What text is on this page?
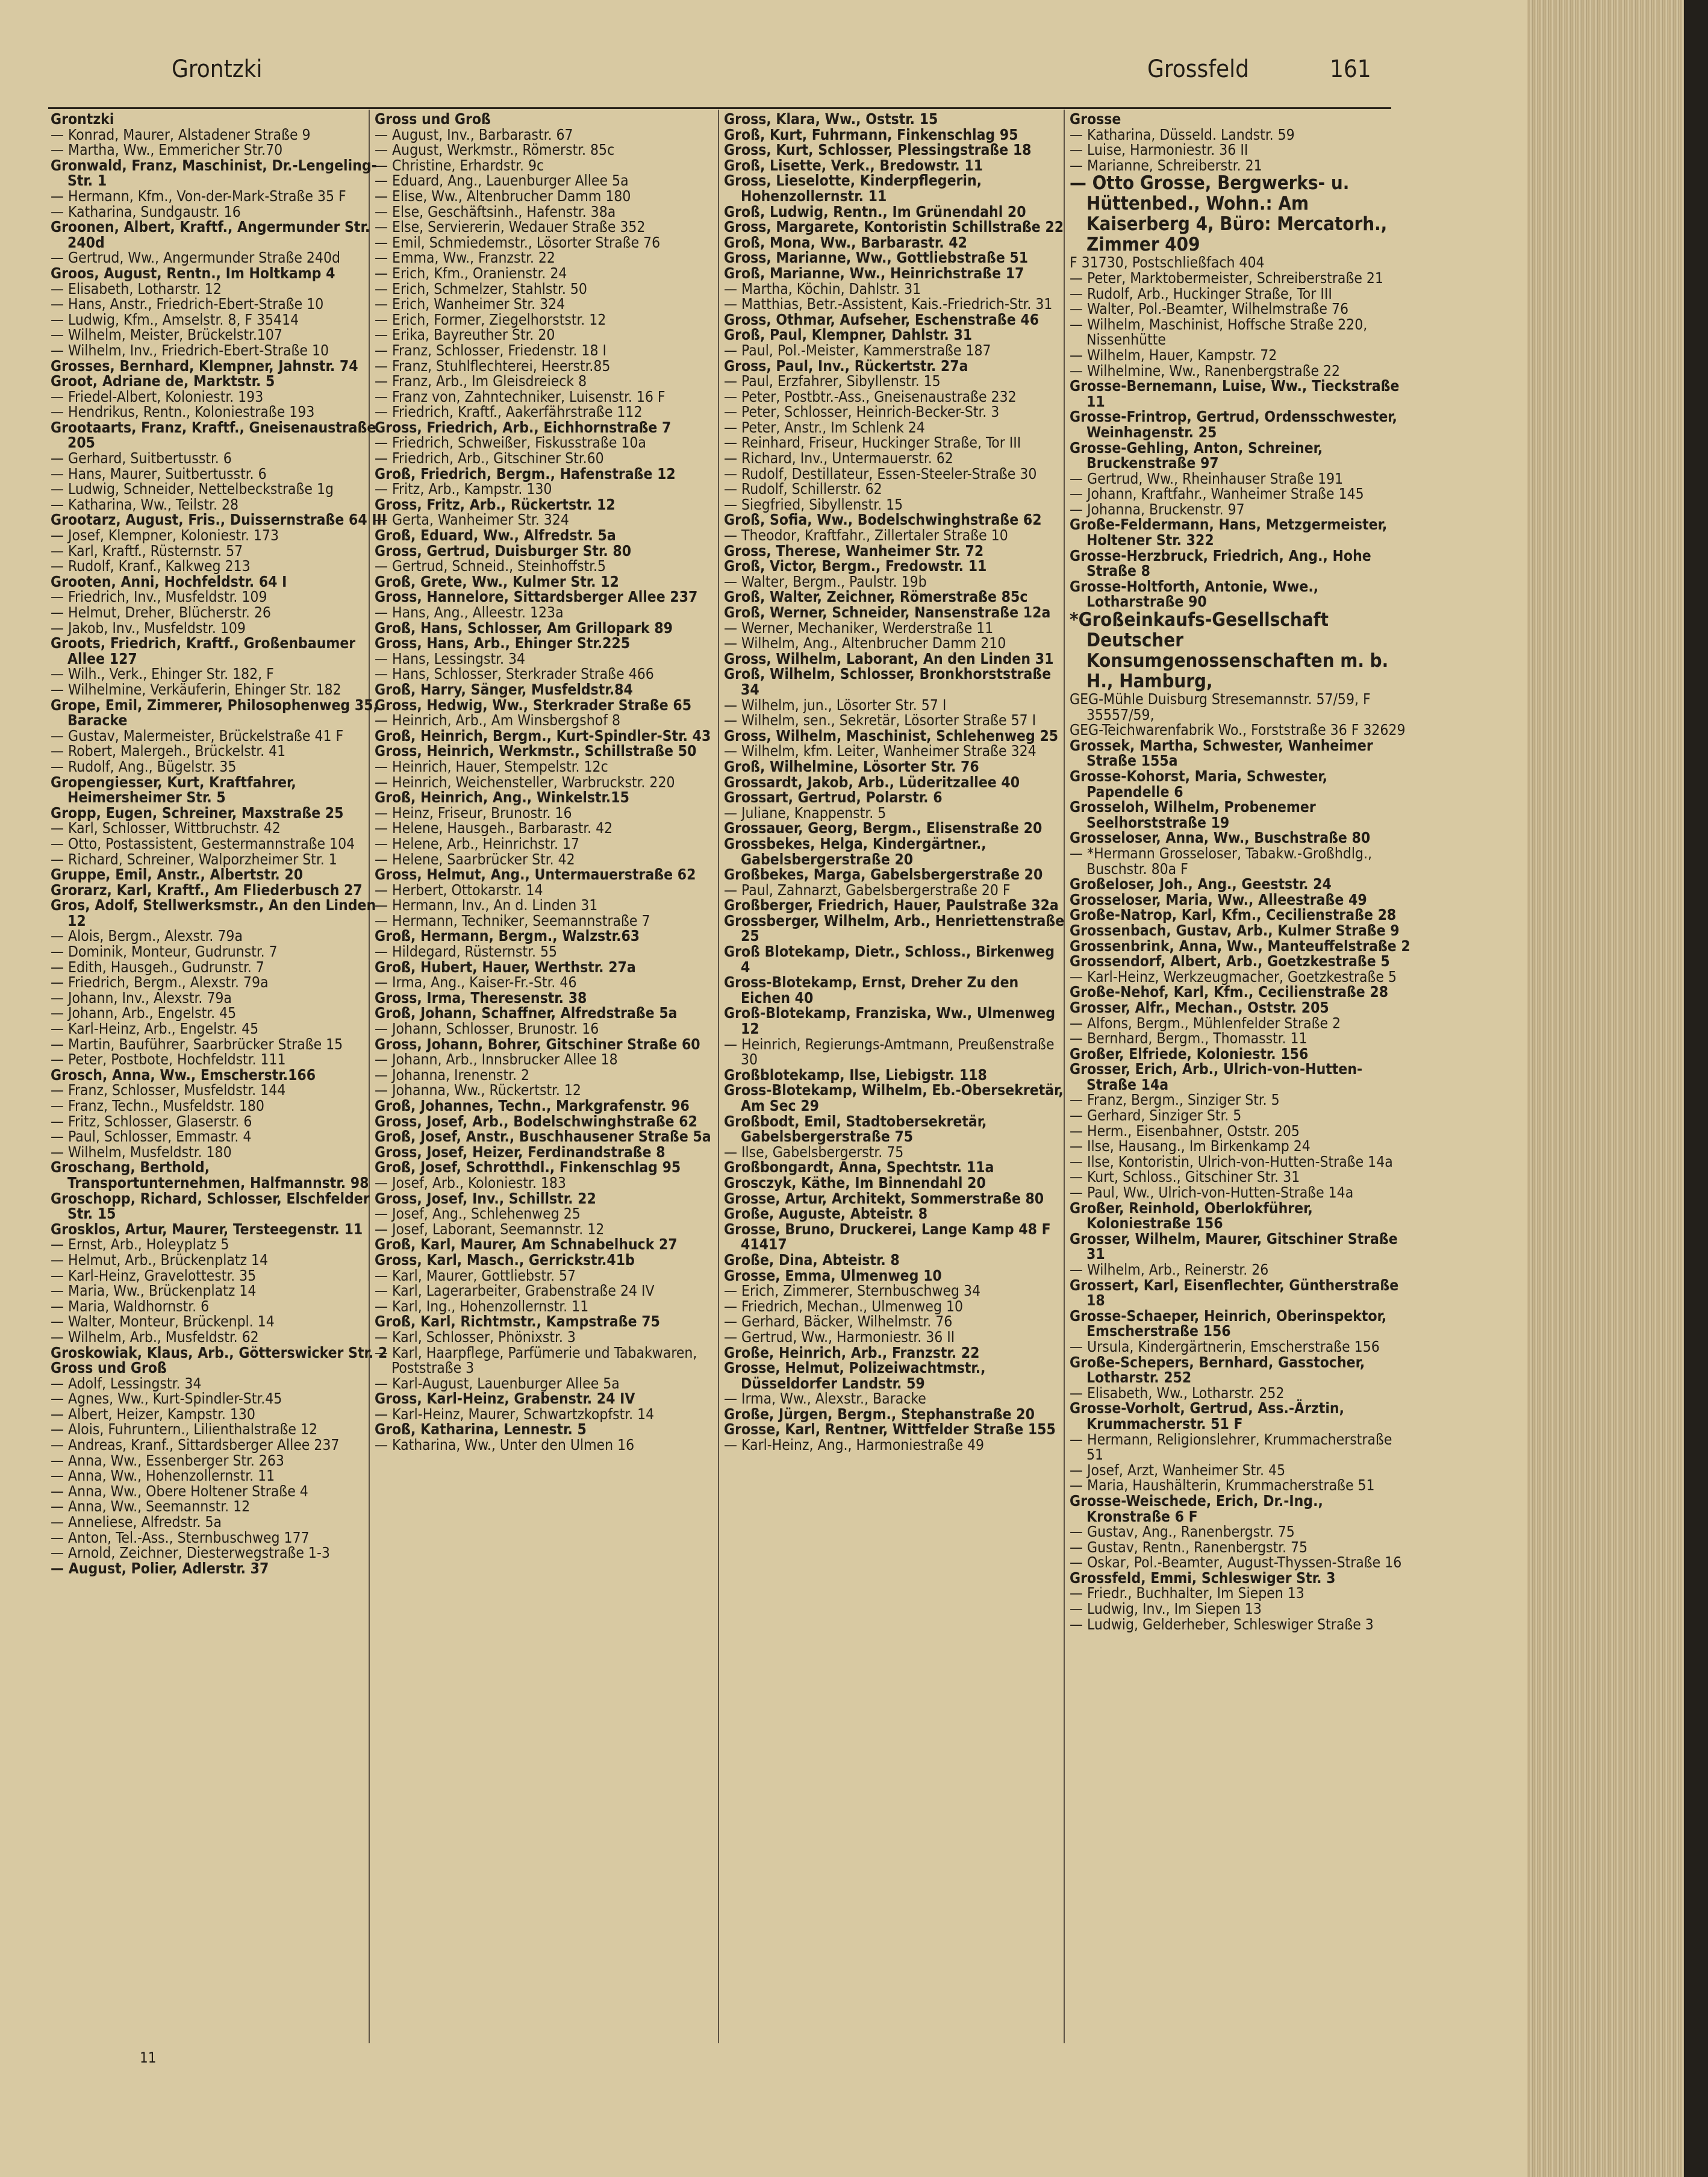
Grontzki	Grossfeld	161
Grontzki
— Konrad, Maurer, Alstadener Straße 9
— Martha, Ww., Emmericher Str.70
Gronwald, Franz, Maschinist, Dr.-Lengeling-Str. 1
— Hermann, Kfm., Von-der-Mark-Straße 35 F
— Katharina, Sundgaustr. 16
Groonen, Albert, Kraftf., Angermunder Str. 240d
— Gertrud, Ww., Angermunder Straße 240d
Groos, August, Rentn., Im Holtkamp 4
— Elisabeth, Lotharstr. 12
— Hans, Anstr., Friedrich-Ebert-Straße 10
— Ludwig, Kfm., Amselstr. 8, F 35414
— Wilhelm, Meister, Brückelstr.107
— Wilhelm, Inv., Friedrich-Ebert-Straße 10
Grosses, Bernhard, Klempner, Jahnstr. 74
Groot, Adriane de, Marktstr. 5
— Friedel-Albert, Koloniestr. 193
— Hendrikus, Rentn., Koloniestraße 193
Grootaarts, Franz, Kraftf., Gneisenaustraße 205
— Gerhard, Suitbertusstr. 6
— Hans, Maurer, Suitbertusstr. 6
— Ludwig, Schneider, Nettelbeckstraße 1g
— Katharina, Ww., Teilstr. 28
Grootarz, August, Fris., Duissernstraße 64 III
— Josef, Klempner, Koloniestr. 173
— Karl, Kraftf., Rüsternstr. 57
— Rudolf, Kranf., Kalkweg 213
Grooten, Anni, Hochfeldstr. 64 I
— Friedrich, Inv., Musfeldstr. 109
— Helmut, Dreher, Blücherstr. 26
— Jakob, Inv., Musfeldstr. 109
Groots, Friedrich, Kraftf., Großenbaumer Allee 127
— Wilh., Verk., Ehinger Str. 182, F
— Wilhelmine, Verkäuferin, Ehinger Str. 182
Grope, Emil, Zimmerer, Philosophenweg 35, Baracke
— Gustav, Malermeister, Brückelstraße 41 F
— Robert, Malergeh., Brückelstr. 41
— Rudolf, Ang., Bügelstr. 35
Gropengiesser, Kurt, Kraftfahrer, Heimersheimer Str. 5
Gropp, Eugen, Schreiner, Maxstraße 25
— Karl, Schlosser, Wittbruchstr. 42
— Otto, Postassistent, Gestermannstraße 104
— Richard, Schreiner, Walporzheimer Str. 1
Gruppe, Emil, Anstr., Albertstr. 20
Grorarz, Karl, Kraftf., Am Fliederbusch 27
Gros, Adolf, Stellwerksmstr., An den Linden 12
— Alois, Bergm., Alexstr. 79a
— Dominik, Monteur, Gudrunstr. 7
— Edith, Hausgeh., Gudrunstr. 7
— Friedrich, Bergm., Alexstr. 79a
— Johann, Inv., Alexstr. 79a
— Johann, Arb., Engelstr. 45
— Karl-Heinz, Arb., Engelstr. 45
— Martin, Bauführer, Saarbrücker Straße 15
— Peter, Postbote, Hochfeldstr. 111
Grosch, Anna, Ww., Emscherstr.166
— Franz, Schlosser, Musfeldstr. 144
— Franz, Techn., Musfeldstr. 180
— Fritz, Schlosser, Glaserstr. 6
— Paul, Schlosser, Emmastr. 4
— Wilhelm, Musfeldstr. 180
Groschang, Berthold, Transportunternehmen, Halfmannstr. 98
Groschopp, Richard, Schlosser, Elschfelder Str. 15
Grosklos, Artur, Maurer, Tersteegenstr. 11
— Ernst, Arb., Holeyplatz 5
— Helmut, Arb., Brückenplatz 14
— Karl-Heinz, Gravelottestr. 35
— Maria, Ww., Brückenplatz 14
— Maria, Waldhornstr. 6
— Walter, Monteur, Brückenpl. 14
— Wilhelm, Arb., Musfeldstr. 62
Groskowiak, Klaus, Arb., Götterswicker Str. 2
Gross und Groß
— Adolf, Lessingstr. 34
— Agnes, Ww., Kurt-Spindler-Str.45
— Albert, Heizer, Kampstr. 130
— Alois, Fuhruntern., Lilienthalstraße 12
— Andreas, Kranf., Sittardsberger Allee 237
— Anna, Ww., Essenberger Str. 263
— Anna, Ww., Hohenzollernstr. 11
— Anna, Ww., Obere Holtener Straße 4
— Anna, Ww., Seemannstr. 12
— Anneliese, Alfredstr. 5a
— Anton, Tel.-Ass., Sternbuschweg 177
— Arnold, Zeichner, Diesterwegstraße 1-3
— August, Polier, Adlerstr. 37
Gross und Groß
— August, Inv., Barbarastr. 67
— August, Werkmstr., Römerstr. 85c
— Christine, Erhardstr. 9c
— Eduard, Ang., Lauenburger Allee 5a
— Elise, Ww., Altenbrucher Damm 180
— Else, Geschäftsinh., Hafenstr. 38a
— Else, Serviererin, Wedauer Straße 352
— Emil, Schmiedemstr., Lösorter Straße 76
— Emma, Ww., Franzstr. 22
— Erich, Kfm., Oranienstr. 24
— Erich, Schmelzer, Stahlstr. 50
— Erich, Wanheimer Str. 324
— Erich, Former, Ziegelhorststr. 12
— Erika, Bayreuther Str. 20
— Franz, Schlosser, Friedenstr. 18 I
— Franz, Stuhlflechterei, Heerstr.85
— Franz, Arb., Im Gleisdreieck 8
— Franz von, Zahntechniker, Luisenstr. 16 F
— Friedrich, Kraftf., Aakerfährstraße 112
Gross, Friedrich, Arb., Eichhornstraße 7
— Friedrich, Schweißer, Fiskusstraße 10a
— Friedrich, Arb., Gitschiner Str.60
Groß, Friedrich, Bergm., Hafenstraße 12
— Fritz, Arb., Kampstr. 130
Gross, Fritz, Arb., Rückertstr. 12
— Gerta, Wanheimer Str. 324
Groß, Eduard, Ww., Alfredstr. 5a
Gross, Gertrud, Duisburger Str. 80
— Gertrud, Schneid., Steinhoffstr.5
Groß, Grete, Ww., Kulmer Str. 12
Gross, Hannelore, Sittardsberger Allee 237
— Hans, Ang., Alleestr. 123a
Groß, Hans, Schlosser, Am Grillopark 89
Gross, Hans, Arb., Ehinger Str.225
— Hans, Lessingstr. 34
— Hans, Schlosser, Sterkrader Straße 466
Groß, Harry, Sänger, Musfeldstr.84
Gross, Hedwig, Ww., Sterkrader Straße 65
— Heinrich, Arb., Am Winsbergshof 8
Groß, Heinrich, Bergm., Kurt-Spindler-Str. 43
Gross, Heinrich, Werkmstr., Schillstraße 50
— Heinrich, Hauer, Stempelstr. 12c
— Heinrich, Weichensteller, Warbruckstr. 220
Groß, Heinrich, Ang., Winkelstr.15
— Heinz, Friseur, Brunostr. 16
— Helene, Hausgeh., Barbarastr. 42
— Helene, Arb., Heinrichstr. 17
— Helene, Saarbrücker Str. 42
Gross, Helmut, Ang., Untermauerstraße 62
— Herbert, Ottokarstr. 14
— Hermann, Inv., An d. Linden 31
— Hermann, Techniker, Seemannstraße 7
Groß, Hermann, Bergm., Walzstr.63
— Hildegard, Rüsternstr. 55
Groß, Hubert, Hauer, Werthstr. 27a
— Irma, Ang., Kaiser-Fr.-Str. 46
Gross, Irma, Theresenstr. 38
Groß, Johann, Schaffner, Alfredstraße 5a
— Johann, Schlosser, Brunostr. 16
Gross, Johann, Bohrer, Gitschiner Straße 60
— Johann, Arb., Innsbrucker Allee 18
— Johanna, Irenenstr. 2
— Johanna, Ww., Rückertstr. 12
Groß, Johannes, Techn., Markgrafenstr. 96
Gross, Josef, Arb., Bodelschwinghstraße 62
Groß, Josef, Anstr., Buschhausener Straße 5a
Gross, Josef, Heizer, Ferdinandstraße 8
Groß, Josef, Schrotthdl., Finkenschlag 95
— Josef, Arb., Koloniestr. 183
Gross, Josef, Inv., Schillstr. 22
— Josef, Ang., Schlehenweg 25
— Josef, Laborant, Seemannstr. 12
Groß, Karl, Maurer, Am Schnabelhuck 27
Gross, Karl, Masch., Gerrickstr.41b
— Karl, Maurer, Gottliebstr. 57
— Karl, Lagerarbeiter, Grabenstraße 24 IV
— Karl, Ing., Hohenzollernstr. 11
Groß, Karl, Richtmstr., Kampstraße 75
— Karl, Schlosser, Phönixstr. 3
— Karl, Haarpflege, Parfümerie und Tabakwaren, Poststraße 3
— Karl-August, Lauenburger Allee 5a
Gross, Karl-Heinz, Grabenstr. 24 IV
— Karl-Heinz, Maurer, Schwartzkopfstr. 14
Groß, Katharina, Lennestr. 5
— Katharina, Ww., Unter den Ulmen 16
Gross, Klara, Ww., Oststr. 15
Groß, Kurt, Fuhrmann, Finkenschlag 95
Gross, Kurt, Schlosser, Plessingstraße 18
Groß, Lisette, Verk., Bredowstr. 11
Gross, Lieselotte, Kinderpflegerin, Hohenzollernstr. 11
Groß, Ludwig, Rentn., Im Grünendahl 20
Gross, Margarete, Kontoristin Schillstraße 22
Groß, Mona, Ww., Barbarastr. 42
Gross, Marianne, Ww., Gottliebstraße 51
Groß, Marianne, Ww., Heinrichstraße 17
— Martha, Köchin, Dahlstr. 31
— Matthias, Betr.-Assistent, Kais.-Friedrich-Str. 31
Gross, Othmar, Aufseher, Eschenstraße 46
Groß, Paul, Klempner, Dahlstr. 31
— Paul, Pol.-Meister, Kammerstraße 187
Gross, Paul, Inv., Rückertstr. 27a
— Paul, Erzfahrer, Sibyllenstr. 15
— Peter, Postbtr.-Ass., Gneisenaustraße 232
— Peter, Schlosser, Heinrich-Becker-Str. 3
— Peter, Anstr., Im Schlenk 24
— Reinhard, Friseur, Huckinger Straße, Tor III
— Richard, Inv., Untermauerstr. 62
— Rudolf, Destillateur, Essen-Steeler-Straße 30
— Rudolf, Schillerstr. 62
— Siegfried, Sibyllenstr. 15
Groß, Sofia, Ww., Bodelschwinghstraße 62
— Theodor, Kraftfahr., Zillertaler Straße 10
Gross, Therese, Wanheimer Str. 72
Groß, Victor, Bergm., Fredowstr. 11
— Walter, Bergm., Paulstr. 19b
Groß, Walter, Zeichner, Römerstraße 85c
Groß, Werner, Schneider, Nansenstraße 12a
— Werner, Mechaniker, Werderstraße 11
— Wilhelm, Ang., Altenbrucher Damm 210
Gross, Wilhelm, Laborant, An den Linden 31
Groß, Wilhelm, Schlosser, Bronkhorststraße 34
— Wilhelm, jun., Lösorter Str. 57 I
— Wilhelm, sen., Sekretär, Lösorter Straße 57 I
Gross, Wilhelm, Maschinist, Schlehenweg 25
— Wilhelm, kfm. Leiter, Wanheimer Straße 324
Groß, Wilhelmine, Lösorter Str. 76
Grossardt, Jakob, Arb., Lüderitzallee 40
Grossart, Gertrud, Polarstr. 6
— Juliane, Knappenstr. 5
Grossauer, Georg, Bergm., Elisenstraße 20
Grossbekes, Helga, Kindergärtner., Gabelsbergerstraße 20
Großbekes, Marga, Gabelsbergerstraße 20
— Paul, Zahnarzt, Gabelsbergerstraße 20 F
Großberger, Friedrich, Hauer, Paulstraße 32a
Grossberger, Wilhelm, Arb., Henriettenstraße 25
Groß Blotekamp, Dietr., Schloss., Birkenweg 4
Gross-Blotekamp, Ernst, Dreher Zu den Eichen 40
Groß-Blotekamp, Franziska, Ww., Ulmenweg 12
— Heinrich, Regierungs-Amtmann, Preußenstraße 30
Großblotekamp, Ilse, Liebigstr. 118
Gross-Blotekamp, Wilhelm, Eb.-Obersekretär, Am Sec 29
Großbodt, Emil, Stadtobersekretär, Gabelsbergerstraße 75
— Ilse, Gabelsbergerstr. 75
Großbongardt, Anna, Spechtstr. 11a
Grosczyk, Käthe, Im Binnendahl 20
Grosse, Artur, Architekt, Sommerstraße 80
Große, Auguste, Abteistr. 8
Grosse, Bruno, Druckerei, Lange Kamp 48 F 41417
Große, Dina, Abteistr. 8
Grosse, Emma, Ulmenweg 10
— Erich, Zimmerer, Sternbuschweg 34
— Friedrich, Mechan., Ulmenweg 10
— Gerhard, Bäcker, Wilhelmstr. 76
— Gertrud, Ww., Harmoniestr. 36 II
Große, Heinrich, Arb., Franzstr. 22
Grosse, Helmut, Polizeiwachtmstr., Düsseldorfer Landstr. 59
— Irma, Ww., Alexstr., Baracke
Große, Jürgen, Bergm., Stephanstraße 20
Grosse, Karl, Rentner, Wittfelder Straße 155
— Karl-Heinz, Ang., Harmoniestraße 49
Grosse
— Katharina, Düsseld. Landstr. 59
— Luise, Harmoniestr. 36 II
— Marianne, Schreiberstr. 21
— Otto Grosse, Bergwerks- u. Hüttenbed., Wohn.: Am Kaiserberg 4, Büro: Mercatorh., Zimmer 409
F 31730, Postschließfach 404
— Peter, Marktobermeister, Schreiberstraße 21
— Rudolf, Arb., Huckinger Straße, Tor III
— Walter, Pol.-Beamter, Wilhelmstraße 76
— Wilhelm, Maschinist, Hoffsche Straße 220, Nissenhütte
— Wilhelm, Hauer, Kampstr. 72
— Wilhelmine, Ww., Ranenbergstraße 22
Grosse-Bernemann, Luise, Ww., Tieckstraße 11
Grosse-Frintrop, Gertrud, Ordensschwester, Weinhagenstr. 25
Grosse-Gehling, Anton, Schreiner, Bruckenstraße 97
— Gertrud, Ww., Rheinhauser Straße 191
— Johann, Kraftfahr., Wanheimer Straße 145
— Johanna, Bruckenstr. 97
Große-Feldermann, Hans, Metzgermeister, Holtener Str. 322
Grosse-Herzbruck, Friedrich, Ang., Hohe Straße 8
Grosse-Holtforth, Antonie, Wwe., Lotharstraße 90
*Großeinkaufs-Gesellschaft Deutscher Konsumgenossenschaften m. b. H., Hamburg,
GEG-Mühle Duisburg Stresemannstr. 57/59, F 35557/59,
GEG-Teichwarenfabrik Wo., Forststraße 36 F 32629
Grossek, Martha, Schwester, Wanheimer Straße 155a
Grosse-Kohorst, Maria, Schwester, Papendelle 6
Grosseloh, Wilhelm, Probenemer Seelhorststraße 19
Grosseloser, Anna, Ww., Buschstraße 80
— *Hermann Grosseloser, Tabakw.-Großhdlg., Buschstr. 80a F
Großeloser, Joh., Ang., Geeststr. 24
Grosseloser, Maria, Ww., Alleestraße 49
Große-Natrop, Karl, Kfm., Cecilienstraße 28
Grossenbach, Gustav, Arb., Kulmer Straße 9
Grossenbrink, Anna, Ww., Manteuffelstraße 2
Grossendorf, Albert, Arb., Goetzkestraße 5
— Karl-Heinz, Werkzeugmacher, Goetzkestraße 5
Große-Nehof, Karl, Kfm., Cecilienstraße 28
Grosser, Alfr., Mechan., Oststr. 205
— Alfons, Bergm., Mühlenfelder Straße 2
— Bernhard, Bergm., Thomasstr. 11
Großer, Elfriede, Koloniestr. 156
Grosser, Erich, Arb., Ulrich-von-Hutten-Straße 14a
— Franz, Bergm., Sinziger Str. 5
— Gerhard, Sinziger Str. 5
— Herm., Eisenbahner, Oststr. 205
— Ilse, Hausang., Im Birkenkamp 24
— Ilse, Kontoristin, Ulrich-von-Hutten-Straße 14a
— Kurt, Schloss., Gitschiner Str. 31
— Paul, Ww., Ulrich-von-Hutten-Straße 14a
Großer, Reinhold, Oberlokführer, Koloniestraße 156
Grosser, Wilhelm, Maurer, Gitschiner Straße 31
— Wilhelm, Arb., Reinerstr. 26
Grossert, Karl, Eisenflechter, Güntherstraße 18
Grosse-Schaeper, Heinrich, Oberinspektor, Emscherstraße 156
— Ursula, Kindergärtnerin, Emscherstraße 156
Große-Schepers, Bernhard, Gasstocher, Lotharstr. 252
— Elisabeth, Ww., Lotharstr. 252
Grosse-Vorholt, Gertrud, Ass.-Ärztin, Krummacherstr. 51 F
— Hermann, Religionslehrer, Krummacherstraße 51
— Josef, Arzt, Wanheimer Str. 45
— Maria, Haushälterin, Krummacherstraße 51
Grosse-Weischede, Erich, Dr.-Ing., Kronstraße 6 F
— Gustav, Ang., Ranenbergstr. 75
— Gustav, Rentn., Ranenbergstr. 75
— Oskar, Pol.-Beamter, August-Thyssen-Straße 16
Grossfeld, Emmi, Schleswiger Str. 3
— Friedr., Buchhalter, Im Siepen 13
— Ludwig, Inv., Im Siepen 13
— Ludwig, Gelderheber, Schleswiger Straße 3
11
